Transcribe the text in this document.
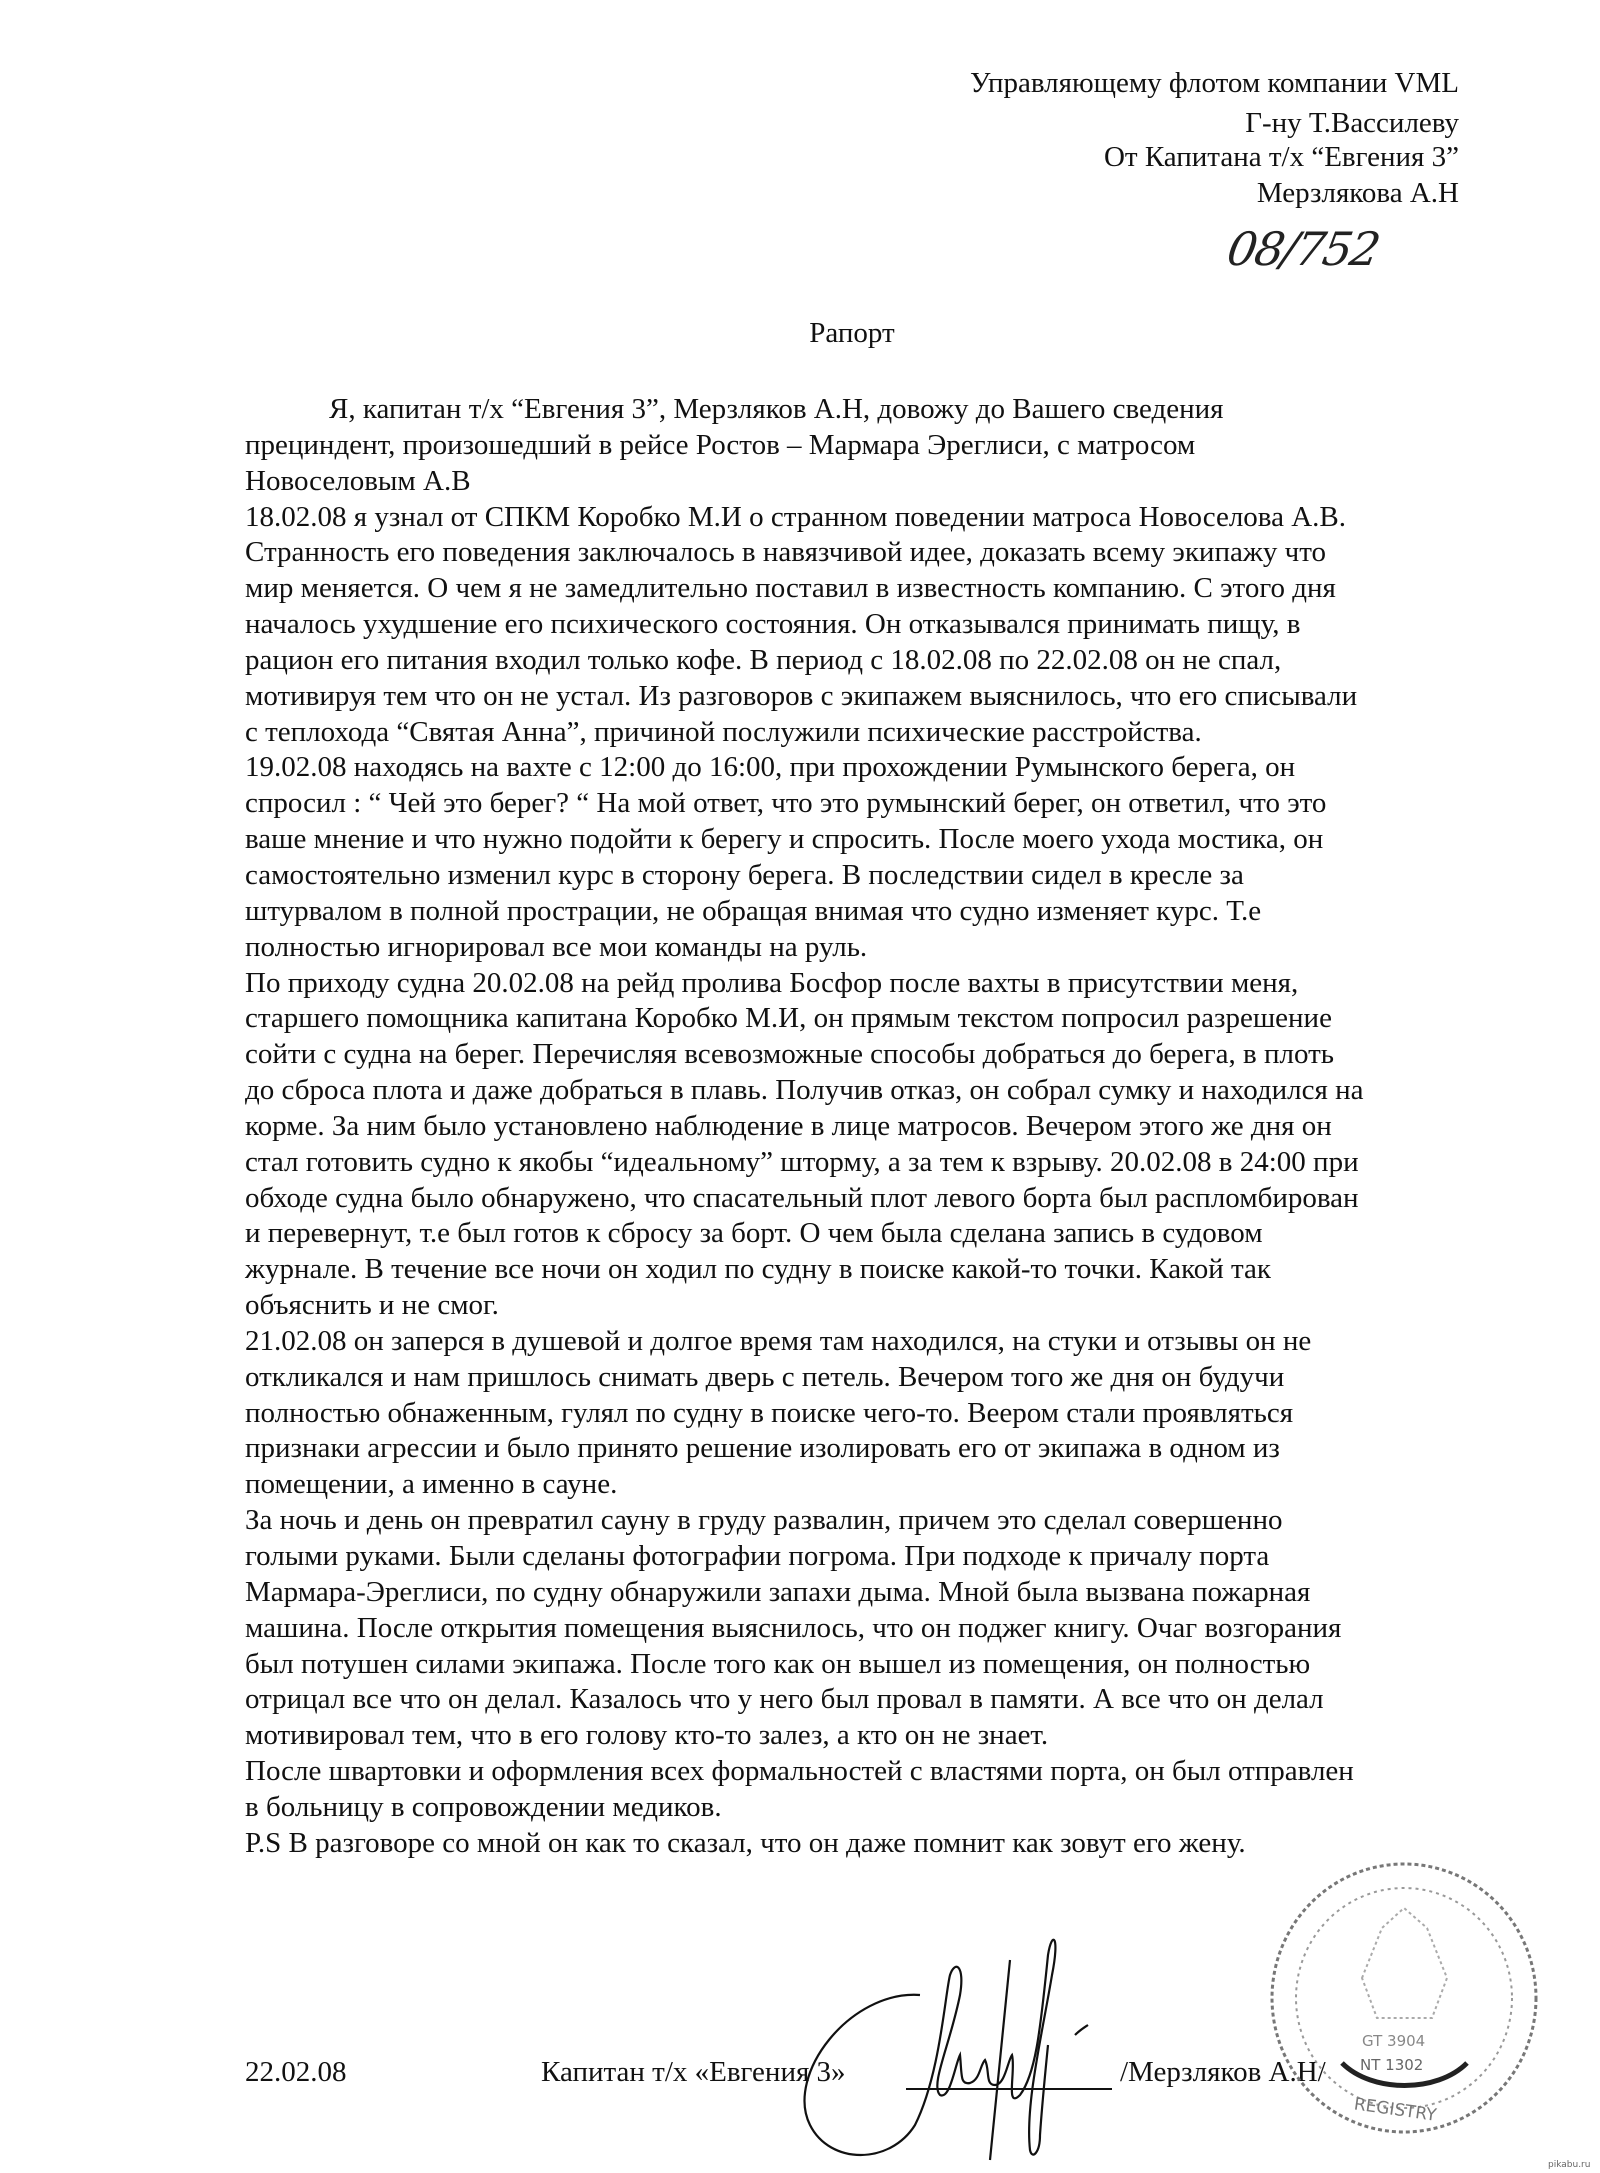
Управляющему флотом компании VML
Г-ну Т.Вассилеву
От Капитана т/х “Евгения 3”
Мерзлякова А.Н
08/752
Рапорт
Я, капитан т/х “Евгения 3”, Мерзляков А.Н, довожу до Вашего сведения
прециндент, произошедший в рейсе Ростов – Мармара Эреглиси, с матросом
Новоселовым А.В
18.02.08 я узнал от СПКМ Коробко М.И о странном поведении матроса Новоселова А.В.
Странность его поведения заключалось в навязчивой идее, доказать всему экипажу что
мир меняется. О чем я не замедлительно поставил в известность компанию. С этого дня
началось ухудшение его психического состояния. Он отказывался принимать пищу, в
рацион его питания входил только кофе. В период с 18.02.08 по 22.02.08 он не спал,
мотивируя тем что он не устал. Из разговоров с экипажем выяснилось, что его списывали
с теплохода “Святая Анна”, причиной послужили психические расстройства.
19.02.08 находясь на вахте с 12:00 до 16:00, при прохождении Румынского берега, он
спросил : “ Чей это берег? “ На мой ответ, что это румынский берег, он ответил, что это
ваше мнение и что нужно подойти к берегу и спросить. После моего ухода мостика, он
самостоятельно изменил курс в сторону берега. В последствии сидел в кресле за
штурвалом в полной прострации, не обращая внимая что судно изменяет курс. Т.е
полностью игнорировал все мои команды на руль.
По приходу судна 20.02.08 на рейд пролива Босфор после вахты в присутствии меня,
старшего помощника капитана Коробко М.И, он прямым текстом попросил разрешение
сойти с судна на берег. Перечисляя всевозможные способы добраться до берега, в плоть
до сброса плота и даже добраться в плавь. Получив отказ, он собрал сумку и находился на
корме. За ним было установлено наблюдение в лице матросов. Вечером этого же дня он
стал готовить судно к якобы “идеальному” шторму, а за тем к взрыву. 20.02.08 в 24:00 при
обходе судна было обнаружено, что спасательный плот левого борта был распломбирован
и перевернут, т.е был готов к сбросу за борт. О чем была сделана запись в судовом
журнале. В течение все ночи он ходил по судну в поиске какой-то точки. Какой так
объяснить и не смог.
21.02.08 он заперся в душевой и долгое время там находился, на стуки и отзывы он не
откликался и нам пришлось снимать дверь с петель. Вечером того же дня он будучи
полностью обнаженным, гулял по судну в поиске чего-то. Веером стали проявляться
признаки агрессии и было принято решение изолировать его от экипажа в одном из
помещении, а именно в сауне.
За ночь и день он превратил сауну в груду развалин, причем это сделал совершенно
голыми руками. Были сделаны фотографии погрома. При подходе к причалу порта
Мармара-Эреглиси, по судну обнаружили запахи дыма. Мной была вызвана пожарная
машина. После открытия помещения выяснилось, что он поджег книгу. Очаг возгорания
был потушен силами экипажа. После того как он вышел из помещения, он полностью
отрицал все что он делал. Казалось что у него был провал в памяти. А все что он делал
мотивировал тем, что в его голову кто-то залез, а кто он не знает.
После швартовки и оформления всех формальностей с властями порта, он был отправлен
в больницу в сопровождении медиков.
P.S В разговоре со мной он как то сказал, что он даже помнит как зовут его жену.
22.02.08	Капитан т/х «Евгения 3»	/Мерзляков А.Н/
GT 3904
NT 1302
REGISTRY
pikabu.ru
